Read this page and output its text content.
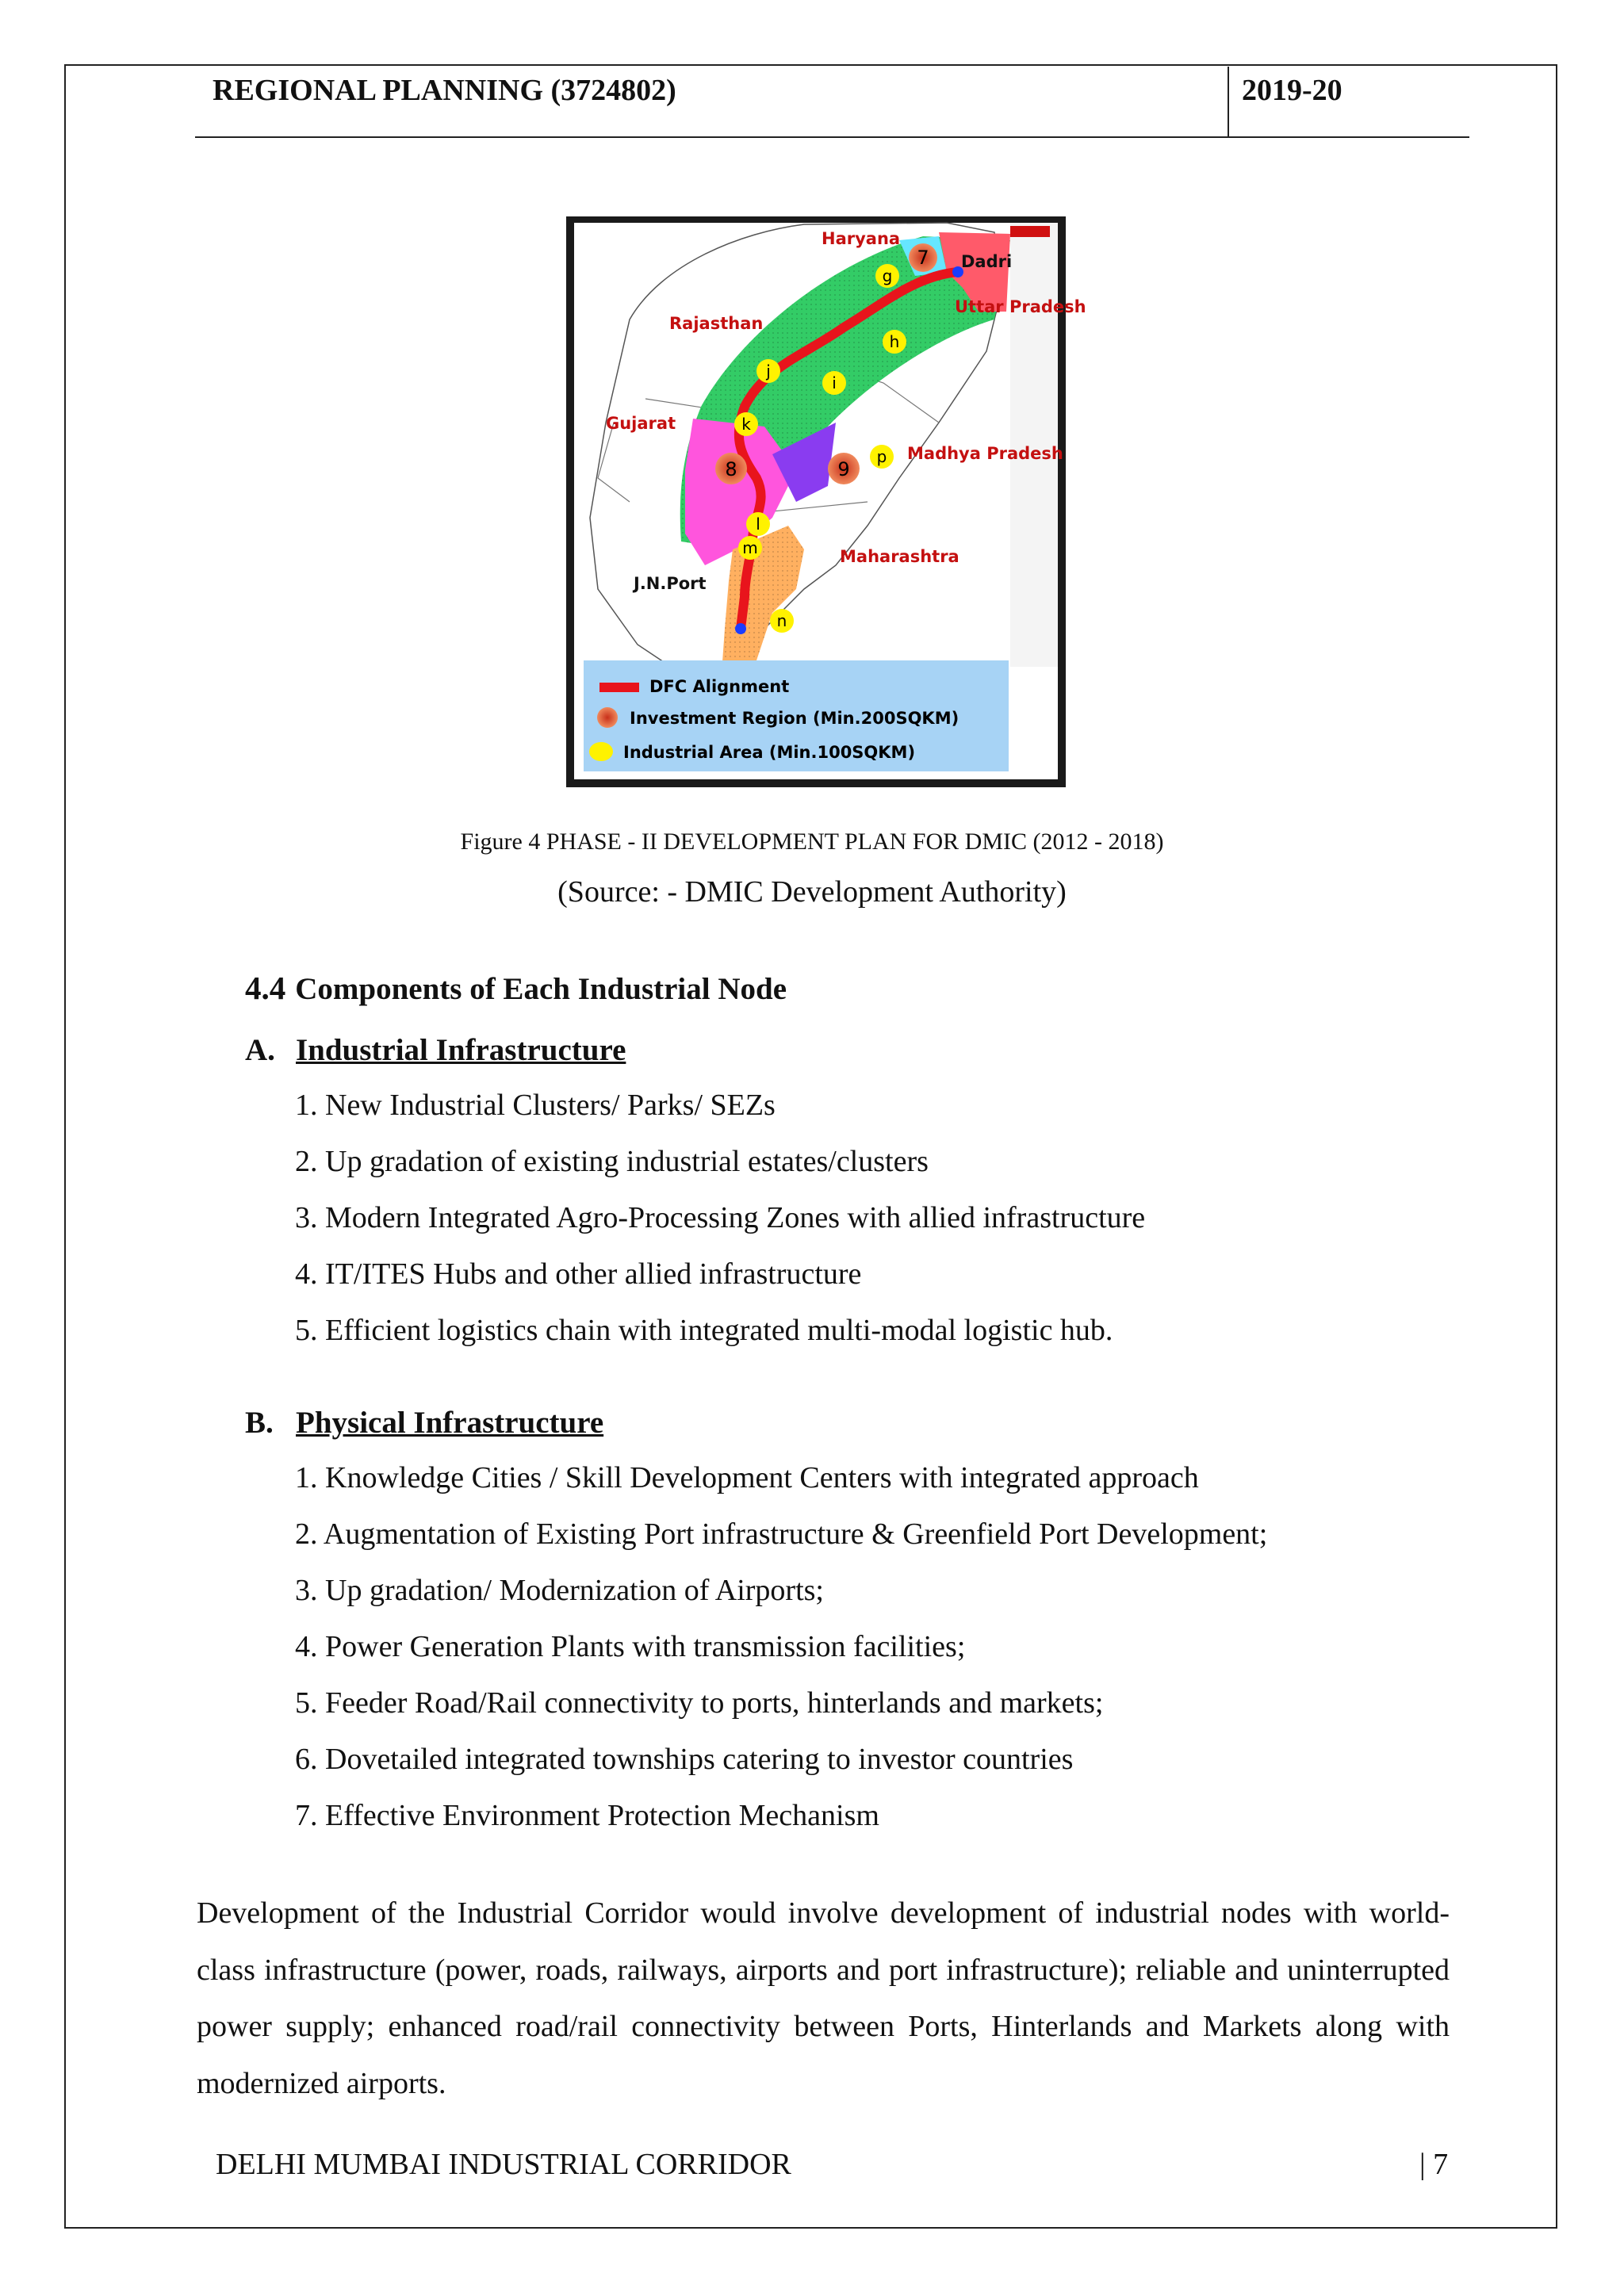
REGIONAL PLANNING (3724802)	2019-20
7
g
h
j
i
k
8	9
p
l
m
n
Haryana
Rajasthan
Uttar Pradesh
Gujarat
Madhya Pradesh
Maharashtra
Dadri
J.N.Port
DFC Alignment
Investment Region (Min.200SQKM)
Industrial Area (Min.100SQKM)
Figure 4 PHASE - II DEVELOPMENT PLAN FOR DMIC (2012 - 2018)
(Source: - DMIC Development Authority)
4.4 Components of Each Industrial Node
A. Industrial Infrastructure
1. New Industrial Clusters/ Parks/ SEZs
2. Up gradation of existing industrial estates/clusters
3. Modern Integrated Agro-Processing Zones with allied infrastructure
4. IT/ITES Hubs and other allied infrastructure
5. Efficient logistics chain with integrated multi-modal logistic hub.
B. Physical Infrastructure
1. Knowledge Cities / Skill Development Centers with integrated approach
2. Augmentation of Existing Port infrastructure & Greenfield Port Development;
3. Up gradation/ Modernization of Airports;
4. Power Generation Plants with transmission facilities;
5. Feeder Road/Rail connectivity to ports, hinterlands and markets;
6. Dovetailed integrated townships catering to investor countries
7. Effective Environment Protection Mechanism

Development of the Industrial Corridor would involve development of industrial nodes with world-class infrastructure (power, roads, railways, airports and port infrastructure); reliable and uninterrupted power supply; enhanced road/rail connectivity between Ports, Hinterlands and Markets along with modernized airports.

DELHI MUMBAI INDUSTRIAL CORRIDOR	| 7
